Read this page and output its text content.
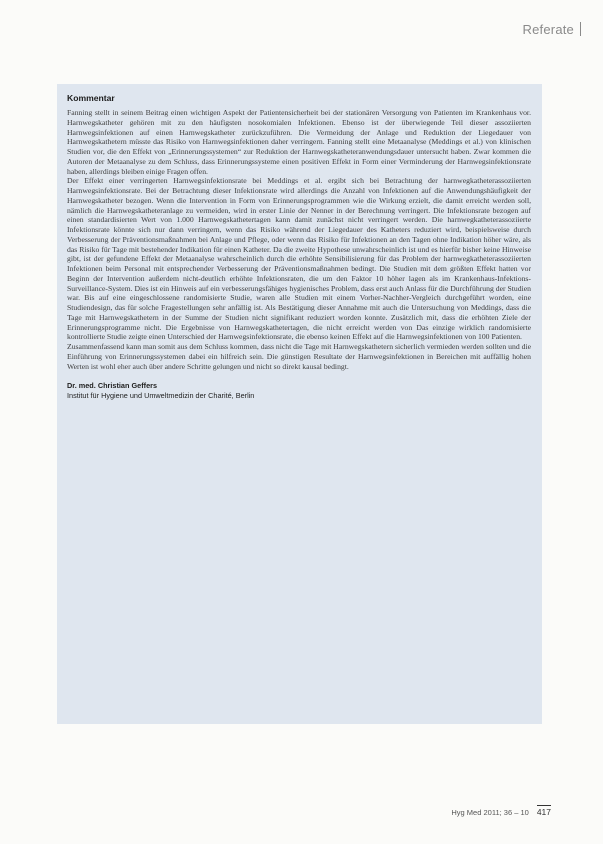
Referate
Kommentar

Fanning stellt in seinem Beitrag einen wichtigen Aspekt der Patientensicherheit bei der stationären Versorgung von Patienten im Krankenhaus vor. Harnwegskatheter gehören mit zu den häufigsten nosokomialen Infektionen. Ebenso ist der überwiegende Teil dieser assoziierten Harnwegsinfektionen auf einen Harnwegskatheter zurückzuführen. Die Vermeidung der Anlage und Reduktion der Liegedauer von Harnwegskathetern müsste das Risiko von Harnwegsinfektionen daher verringern. Fanning stellt eine Metaanalyse (Meddings et al.) von klinischen Studien vor, die den Effekt von „Erinnerungssystemen“ zur Reduktion der Harnwegskatheteranwendungsdauer untersucht haben. Zwar kommen die Autoren der Metaanalyse zu dem Schluss, dass Erinnerungssysteme einen positiven Effekt in Form einer Verminderung der Harnwegsinfektionsrate haben, allerdings bleiben einige Fragen offen.

Der Effekt einer verringerten Harnwegsinfektionsrate bei Meddings et al. ergibt sich bei Betrachtung der harnwegkatheterassoziierten Harnwegsinfektionsrate. Bei der Betrachtung dieser Infektionsrate wird allerdings die Anzahl von Infektionen auf die Anwendungshäufigkeit der Harnwegskatheter bezogen. Wenn die Intervention in Form von Erinnerungsprogrammen wie die Wirkung erzielt, die damit erreicht werden soll, nämlich die Harnwegskatheteranlage zu vermeiden, wird in erster Linie der Nenner in der Berechnung verringert. Die Infektionsrate bezogen auf einen standardisierten Wert von 1.000 Harnwegskathetertagen kann damit zunächst nicht verringert werden. Die harnwegkatheterassoziierte Infektionsrate könnte sich nur dann verringern, wenn das Risiko während der Liegedauer des Katheters reduziert wird, beispielsweise durch Verbesserung der Präventionsmaßnahmen bei Anlage und Pflege, oder wenn das Risiko für Infektionen an den Tagen ohne Indikation höher wäre, als das Risiko für Tage mit bestehender Indikation für einen Katheter. Da die zweite Hypothese unwahrscheinlich ist und es hierfür bisher keine Hinweise gibt, ist der gefundene Effekt der Metaanalyse wahrscheinlich durch die erhöhte Sensibilisierung für das Problem der harnwegkatheterassoziierten Infektionen beim Personal mit entsprechender Verbesserung der Präventionsmaßnahmen bedingt. Die Studien mit dem größten Effekt hatten vor Beginn der Intervention außerdem nicht-deutlich erhöhte Infektionsraten, die um den Faktor 10 höher lagen als im Krankenhaus-Infektions-Surveillance-System. Dies ist ein Hinweis auf ein verbesserungsfähiges hygienisches Problem, dass erst auch Anlass für die Durchführung der Studien war. Bis auf eine eingeschlossene randomisierte Studie, waren alle Studien mit einem Vorher-Nachher-Vergleich durchgeführt worden, eine Studiendesign, das für solche Fragestellungen sehr anfällig ist. Als Bestätigung dieser Annahme mit auch die Untersuchung von Meddings, dass die Tage mit Harnwegskathetern in der Summe der Studien nicht signifikant reduziert worden konnte. Zusätzlich mit, dass die erhöhten Ziele der Erinnerungsprogramme nicht. Die Ergebnisse von Harnwegskathetertagen, die nicht erreicht werden von Das einzige wirklich randomisierte kontrollierte Studie zeigte einen Unterschied der Harnwegsinfektionsrate, die ebenso keinen Effekt auf die Harnwegsinfektionen von 100 Patienten.

Zusammenfassend kann man somit aus dem Schluss kommen, dass nicht die Tage mit Harnwegskathetern sicherlich vermieden werden sollten und die Einführung von Erinnerungssystemen dabei ein hilfreich sein. Die günstigen Resultate der Harnwegsinfektionen in Bereichen mit auffällig hohen Werten ist wohl eher auch über andere Schritte gelungen und nicht so direkt kausal bedingt.

Dr. med. Christian Geffers
Institut für Hygiene und Umweltmedizin der Charité, Berlin
Hyg Med 2011; 36 – 10 417
